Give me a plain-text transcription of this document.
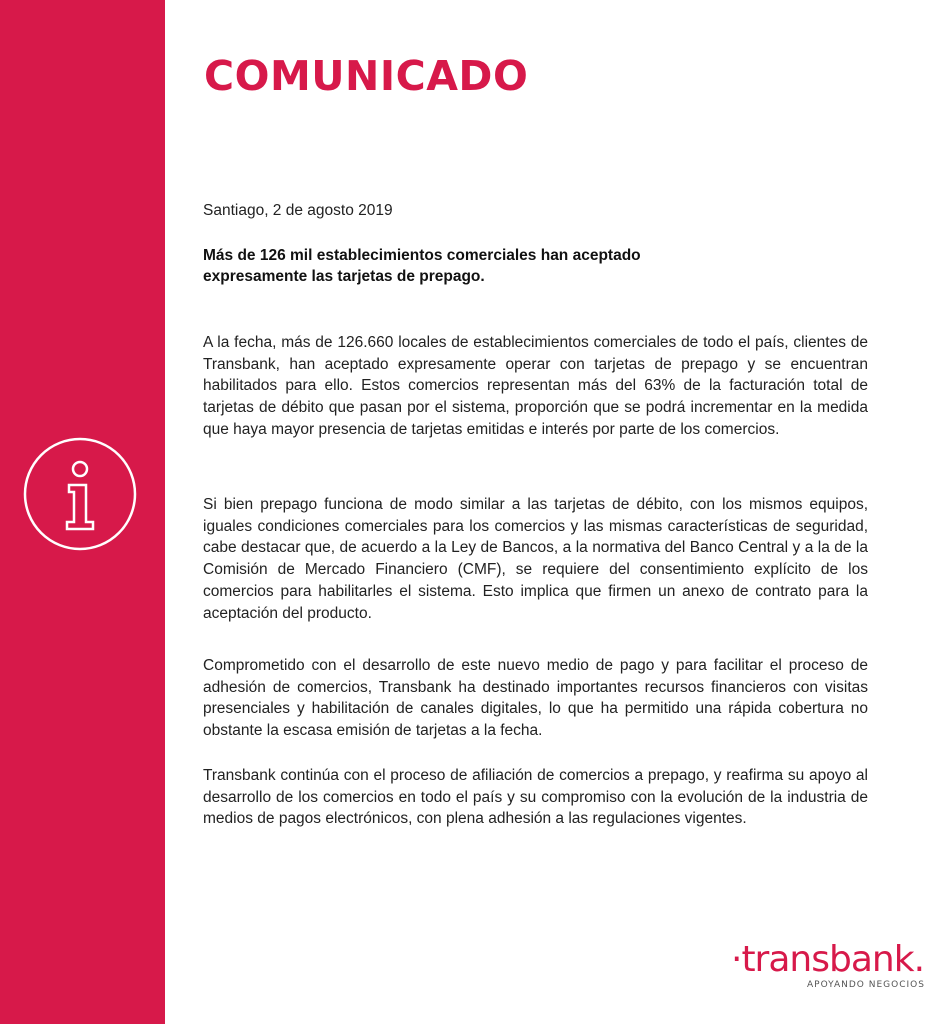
COMUNICADO
Santiago, 2 de agosto 2019

Más de 126 mil establecimientos comerciales han aceptado expresamente las tarjetas de prepago.

A la fecha, más de 126.660 locales de establecimientos comerciales de todo el país, clientes de Transbank, han aceptado expresamente operar con tarjetas de prepago y se encuentran habilitados para ello. Estos comercios representan más del 63% de la facturación total de tarjetas de débito que pasan por el sistema, proporción que se podrá incrementar en la medida que haya mayor presencia de tarjetas emitidas e interés por parte de los comercios.

Si bien prepago funciona de modo similar a las tarjetas de débito, con los mismos equipos, iguales condiciones comerciales para los comercios y las mismas características de seguridad, cabe destacar que, de acuerdo a la Ley de Bancos, a la normativa del Banco Central y a la de la Comisión de Mercado Financiero (CMF), se requiere del consentimiento explícito de los comercios para habilitarles el sistema. Esto implica que firmen un anexo de contrato para la aceptación del producto.

Comprometido con el desarrollo de este nuevo medio de pago y para facilitar el proceso de adhesión de comercios, Transbank ha destinado importantes recursos financieros con visitas presenciales y habilitación de canales digitales, lo que ha permitido una rápida cobertura no obstante la escasa emisión de tarjetas a la fecha.

Transbank continúa con el proceso de afiliación de comercios a prepago, y reafirma su apoyo al desarrollo de los comercios en todo el país y su compromiso con la evolución de la industria de medios de pagos electrónicos, con plena adhesión a las regulaciones vigentes.

·transbank.
APOYANDO NEGOCIOS
